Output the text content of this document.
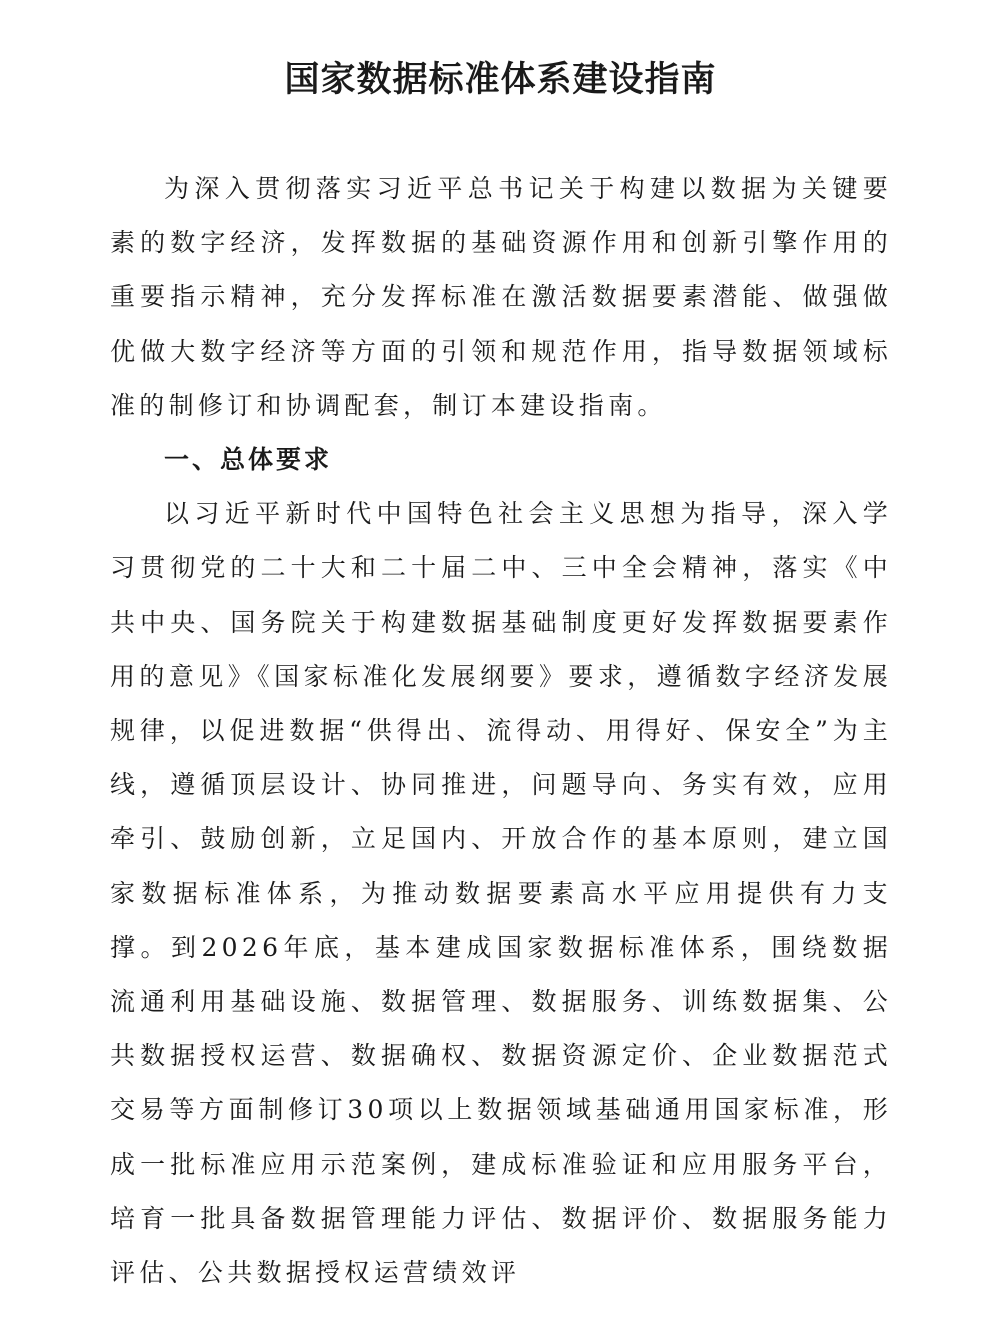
国家数据标准体系建设指南

为深入贯彻落实习近平总书记关于构建以数据为关键要素的数字经济，发挥数据的基础资源作用和创新引擎作用的重要指示精神，充分发挥标准在激活数据要素潜能、做强做优做大数字经济等方面的引领和规范作用，指导数据领域标准的制修订和协调配套，制订本建设指南。

一、总体要求

以习近平新时代中国特色社会主义思想为指导，深入学习贯彻党的二十大和二十届二中、三中全会精神，落实《中共中央、国务院关于构建数据基础制度更好发挥数据要素作用的意见》《国家标准化发展纲要》要求，遵循数字经济发展规律，以促进数据“供得出、流得动、用得好、保安全”为主线，遵循顶层设计、协同推进，问题导向、务实有效，应用牵引、鼓励创新，立足国内、开放合作的基本原则，建立国家数据标准体系，为推动数据要素高水平应用提供有力支撑。到2026年底，基本建成国家数据标准体系，围绕数据流通利用基础设施、数据管理、数据服务、训练数据集、公共数据授权运营、数据确权、数据资源定价、企业数据范式交易等方面制修订30项以上数据领域基础通用国家标准，形成一批标准应用示范案例，建成标准验证和应用服务平台，培育一批具备数据管理能力评估、数据评价、数据服务能力评估、公共数据授权运营绩效评
